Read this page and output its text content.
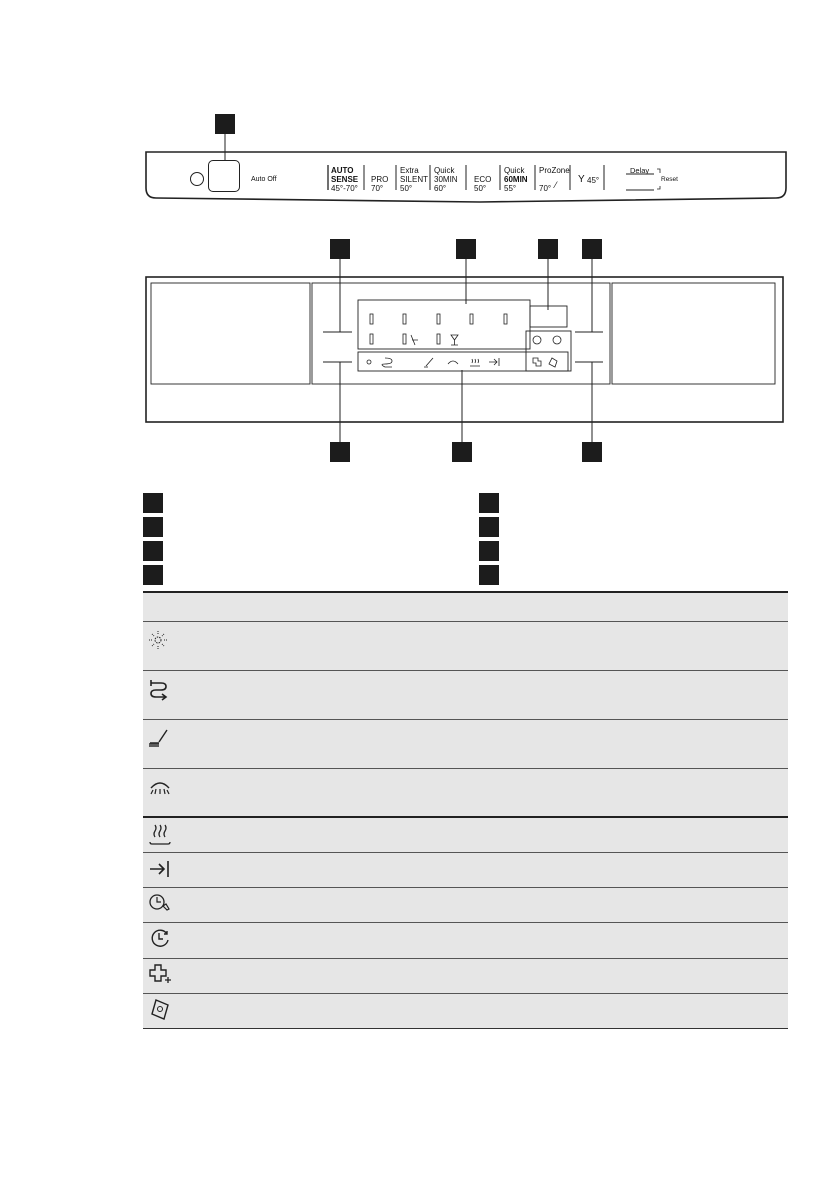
Auto Off
AUTO
SENSE
45°-70°
PRO
70°
Extra
SILENT
50°
Quick
30MIN
60°
ECO
50°
Quick
60MIN
55°
ProZone
70° ⁄ Y 45°
Delay
Reset
